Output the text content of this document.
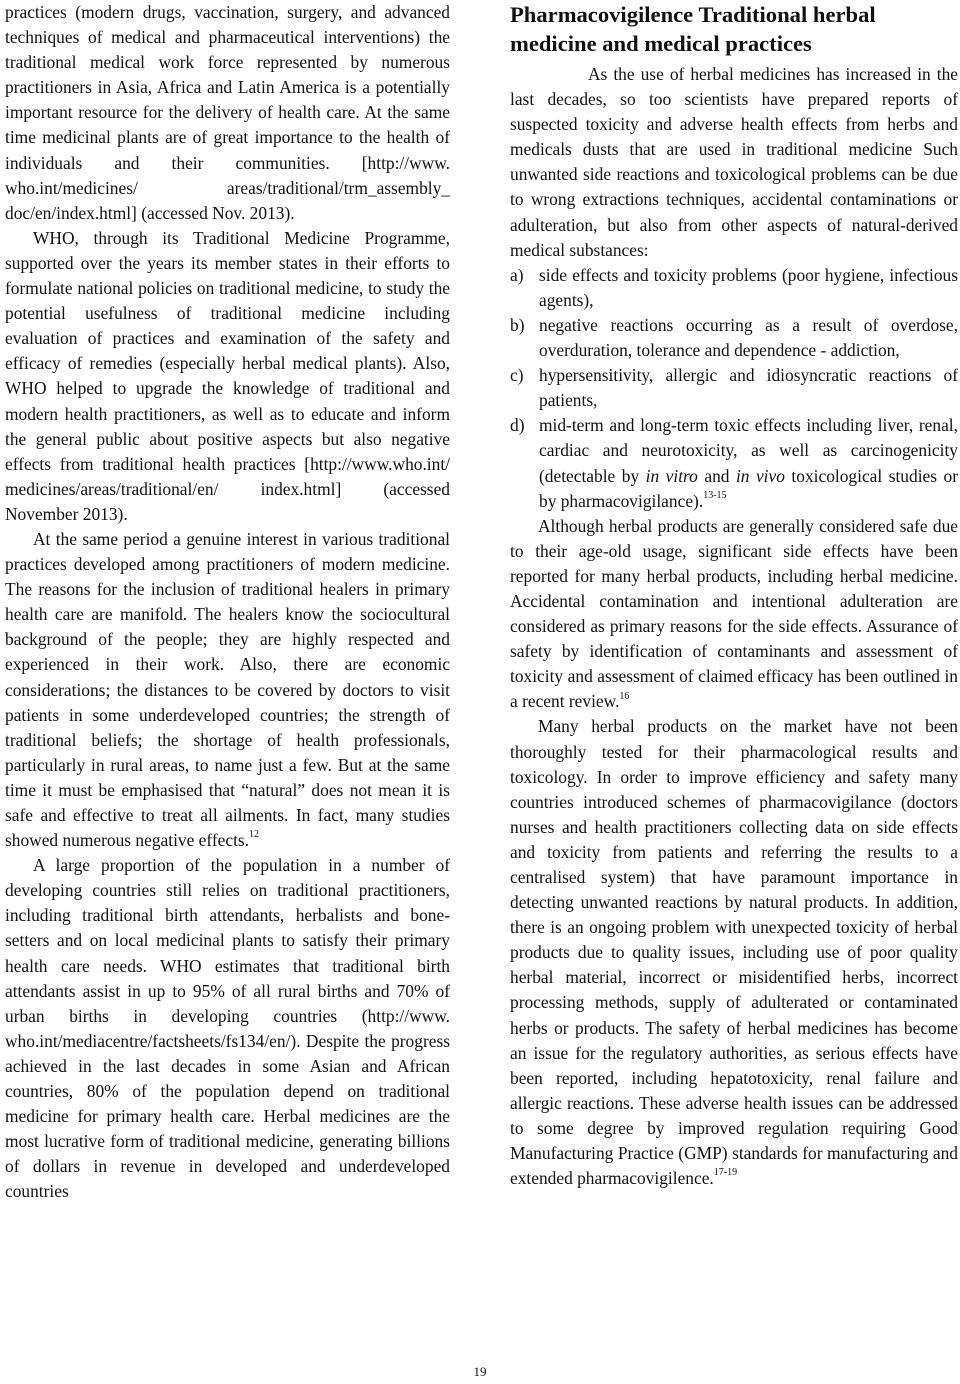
practices (modern drugs, vaccination, surgery, and advanced techniques of medical and pharmaceutical interventions) the traditional medical work force represented by numerous practitioners in Asia, Africa and Latin America is a potentially important resource for the delivery of health care. At the same time medicinal plants are of great importance to the health of individuals and their communities. [http://www. who.int/medicines/ areas/traditional/trm_assembly_ doc/en/index.html] (accessed Nov. 2013).

WHO, through its Traditional Medicine Programme, supported over the years its member states in their efforts to formulate national policies on traditional medicine, to study the potential usefulness of traditional medicine including evaluation of practices and examination of the safety and efficacy of remedies (especially herbal medical plants). Also, WHO helped to upgrade the knowledge of traditional and modern health practitioners, as well as to educate and inform the general public about positive aspects but also negative effects from traditional health practices [http://www.who.int/ medicines/areas/traditional/en/ index.html] (accessed November 2013).

At the same period a genuine interest in various traditional practices developed among practitioners of modern medicine. The reasons for the inclusion of traditional healers in primary health care are manifold. The healers know the sociocultural background of the people; they are highly respected and experienced in their work. Also, there are economic considerations; the distances to be covered by doctors to visit patients in some underdeveloped countries; the strength of traditional beliefs; the shortage of health professionals, particularly in rural areas, to name just a few. But at the same time it must be emphasised that “natural” does not mean it is safe and effective to treat all ailments. In fact, many studies showed numerous negative effects.$^{12}$

A large proportion of the population in a number of developing countries still relies on traditional practitioners, including traditional birth attendants, herbalists and bone-setters and on local medicinal plants to satisfy their primary health care needs. WHO estimates that traditional birth attendants assist in up to 95% of all rural births and 70% of urban births in developing countries (http://www. who.int/mediacentre/factsheets/fs134/en/). Despite the progress achieved in the last decades in some Asian and African countries, 80% of the population depend on traditional medicine for primary health care. Herbal medicines are the most lucrative form of traditional medicine, generating billions of dollars in revenue in developed and underdeveloped countries

Pharmacovigilence Traditional herbal medicine and medical practices

As the use of herbal medicines has increased in the last decades, so too scientists have prepared reports of suspected toxicity and adverse health effects from herbs and medicals dusts that are used in traditional medicine Such unwanted side reactions and toxicological problems can be due to wrong extractions techniques, accidental contaminations or adulteration, but also from other aspects of natural-derived medical substances:

a) side effects and toxicity problems (poor hygiene, infectious agents),
b) negative reactions occurring as a result of overdose, overduration, tolerance and dependence - addiction,
c) hypersensitivity, allergic and idiosyncratic reactions of patients,
d) mid-term and long-term toxic effects including liver, renal, cardiac and neurotoxicity, as well as carcinogenicity (detectable by in vitro and in vivo toxicological studies or by pharmacovigilance).$^{13-15}$

Although herbal products are generally considered safe due to their age-old usage, significant side effects have been reported for many herbal products, including herbal medicine. Accidental contamination and intentional adulteration are considered as primary reasons for the side effects. Assurance of safety by identification of contaminants and assessment of toxicity and assessment of claimed efficacy has been outlined in a recent review.$^{16}$

Many herbal products on the market have not been thoroughly tested for their pharmacological results and toxicology. In order to improve efficiency and safety many countries introduced schemes of pharmacovigilance (doctors nurses and health practitioners collecting data on side effects and toxicity from patients and referring the results to a centralised system) that have paramount importance in detecting unwanted reactions by natural products. In addition, there is an ongoing problem with unexpected toxicity of herbal products due to quality issues, including use of poor quality herbal material, incorrect or misidentified herbs, incorrect processing methods, supply of adulterated or contaminated herbs or products. The safety of herbal medicines has become an issue for the regulatory authorities, as serious effects have been reported, including hepatotoxicity, renal failure and allergic reactions. These adverse health issues can be addressed to some degree by improved regulation requiring Good Manufacturing Practice (GMP) standards for manufacturing and extended pharmacovigilence.$^{17-19}$

19
